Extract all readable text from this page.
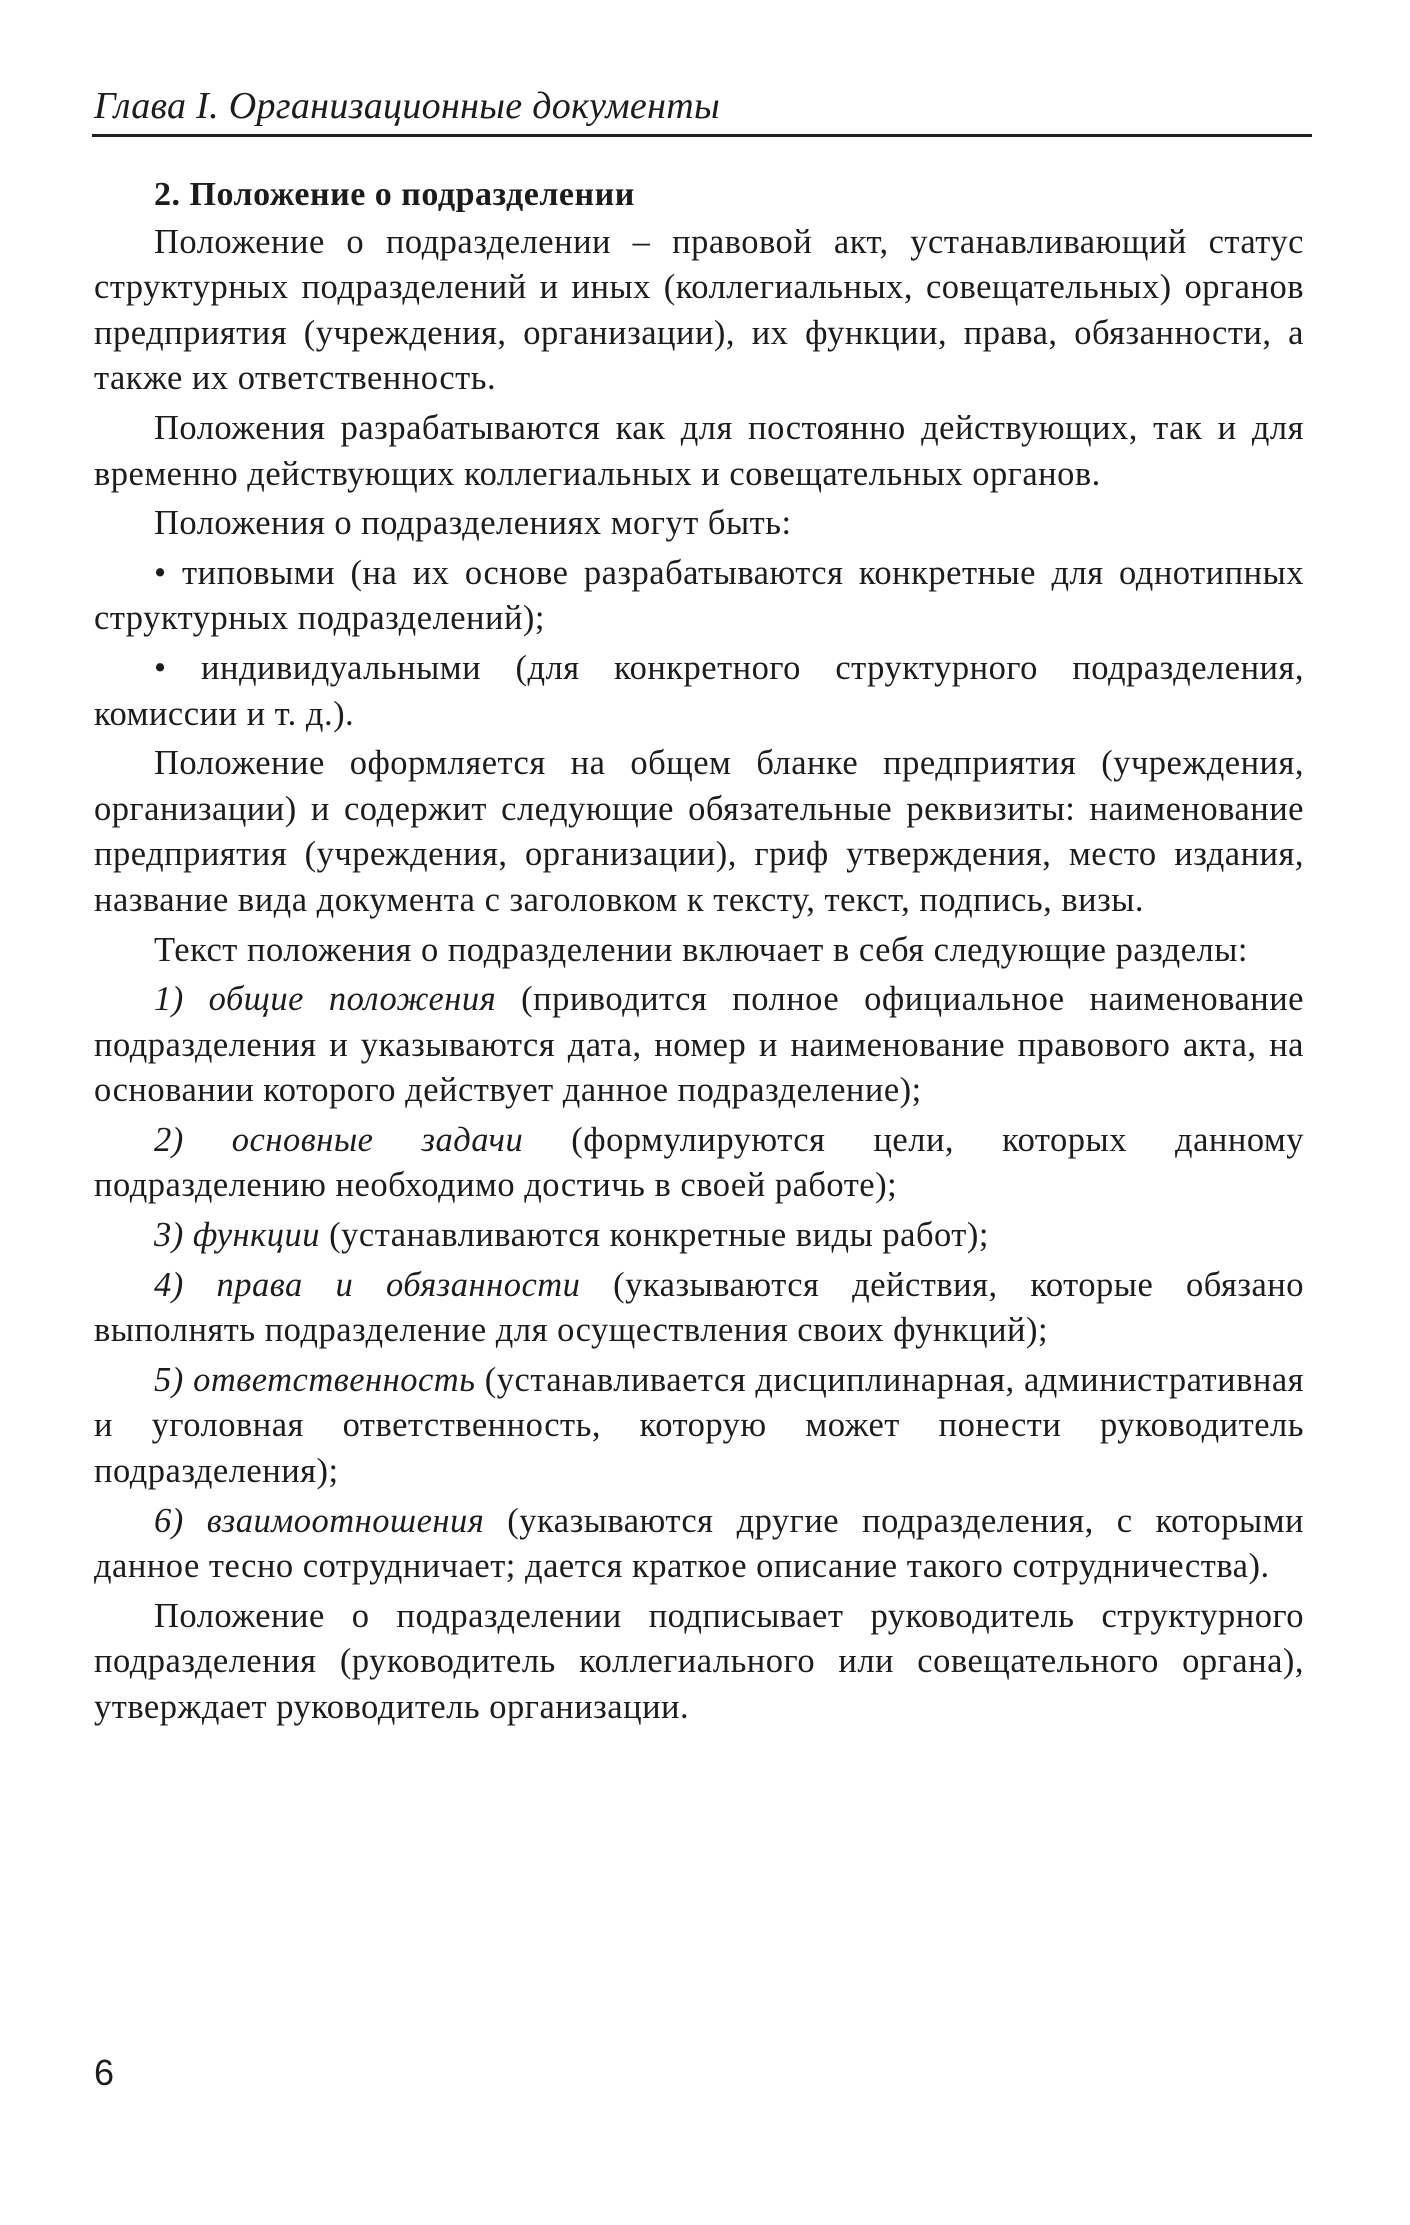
Глава I. Организационные документы

2. Положение о подразделении

Положение о подразделении – правовой акт, устанавливающий статус структурных подразделений и иных (коллегиальных, совещательных) органов предприятия (учреждения, организации), их функции, права, обязанности, а также их ответственность.

Положения разрабатываются как для постоянно действующих, так и для временно действующих коллегиальных и совещательных органов.

Положения о подразделениях могут быть:

• типовыми (на их основе разрабатываются конкретные для однотипных структурных подразделений);

• индивидуальными (для конкретного структурного подразделения, комиссии и т. д.).

Положение оформляется на общем бланке предприятия (учреждения, организации) и содержит следующие обязательные реквизиты: наименование предприятия (учреждения, организации), гриф утверждения, место издания, название вида документа с заголовком к тексту, текст, подпись, визы.

Текст положения о подразделении включает в себя следующие разделы:

1) общие положения (приводится полное официальное наименование подразделения и указываются дата, номер и наименование правового акта, на основании которого действует данное подразделение);

2) основные задачи (формулируются цели, которых данному подразделению необходимо достичь в своей работе);

3) функции (устанавливаются конкретные виды работ);

4) права и обязанности (указываются действия, которые обязано выполнять подразделение для осуществления своих функций);

5) ответственность (устанавливается дисциплинарная, административная и уголовная ответственность, которую может понести руководитель подразделения);

6) взаимоотношения (указываются другие подразделения, с которыми данное тесно сотрудничает; дается краткое описание такого сотрудничества).

Положение о подразделении подписывает руководитель структурного подразделения (руководитель коллегиального или совещательного органа), утверждает руководитель организации.

6
